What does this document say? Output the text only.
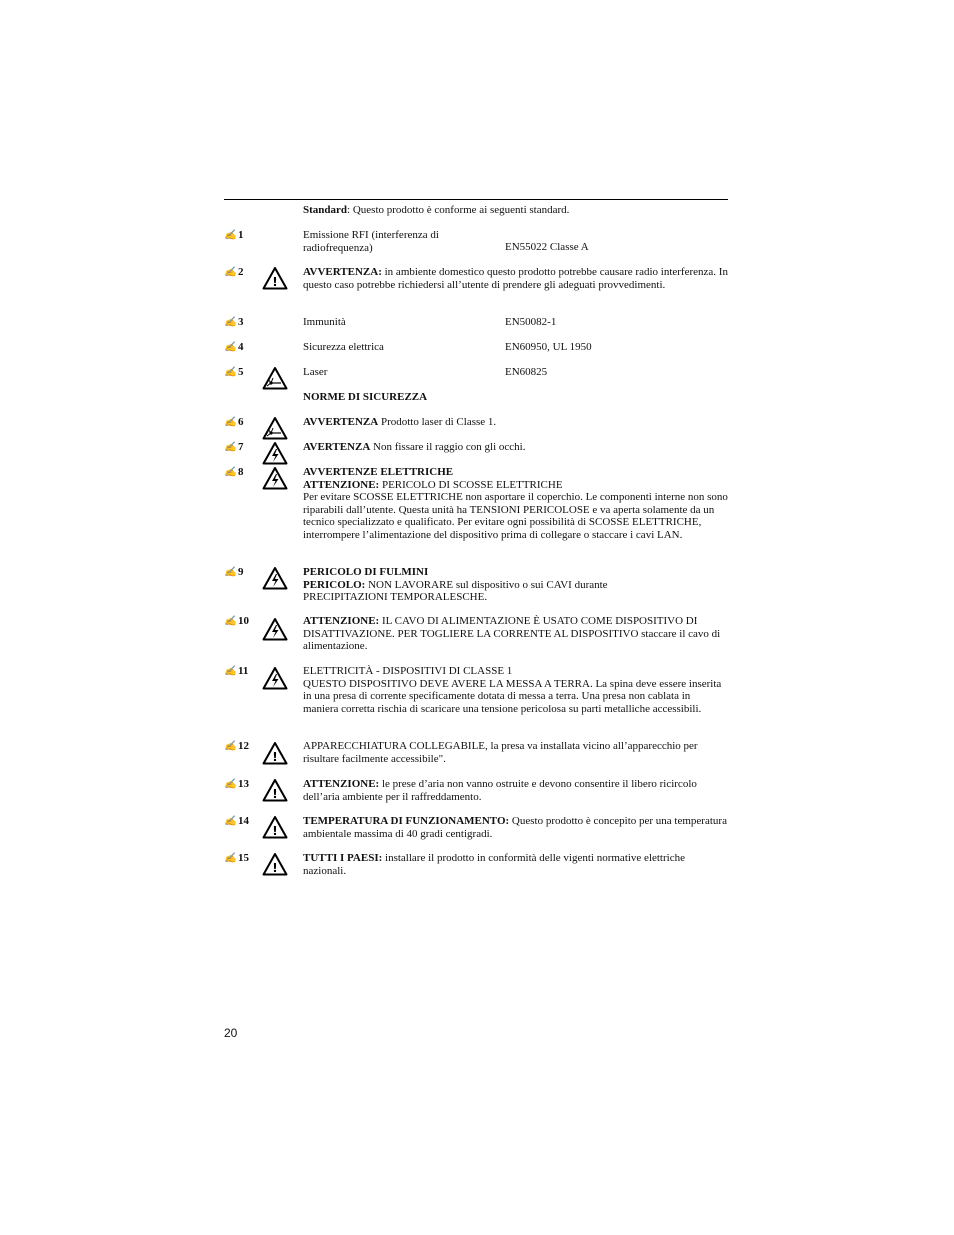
Standard: Questo prodotto è conforme ai seguenti standard.
✍ 1	Emissione RFI (interferenza di radiofrequenza)	EN55022 Classe A
✍ 2
!
AVVERTENZA: in ambiente domestico questo prodotto potrebbe causare radio interferenza. In questo caso potrebbe richiedersi all’utente di prendere gli adeguati provvedimenti.
✍ 3	Immunità	EN50082-1
✍ 4	Sicurezza elettrica	EN60950, UL 1950
✍ 5	Laser	EN60825
NORME DI SICUREZZA
✍ 6	AVVERTENZA Prodotto laser di Classe 1.
✍ 7	AVERTENZA Non fissare il raggio con gli occhi.
✍ 8	AVVERTENZE ELETTRICHE
ATTENZIONE: PERICOLO DI SCOSSE ELETTRICHE
Per evitare SCOSSE ELETTRICHE non asportare il coperchio. Le componenti interne non sono riparabili dall’utente. Questa unità ha TENSIONI PERICOLOSE e va aperta solamente da un tecnico specializzato e qualificato. Per evitare ogni possibilità di SCOSSE ELETTRICHE, interrompere l’alimentazione del dispositivo prima di collegare o staccare i cavi LAN.
✍ 9	PERICOLO DI FULMINI
PERICOLO: NON LAVORARE sul dispositivo o sui CAVI durante PRECIPITAZIONI TEMPORALESCHE.
✍ 10	ATTENZIONE: IL CAVO DI ALIMENTAZIONE È USATO COME DISPOSITIVO DI DISATTIVAZIONE. PER TOGLIERE LA CORRENTE AL DISPOSITIVO staccare il cavo di alimentazione.
✍ 11	ELETTRICITÀ - DISPOSITIVI DI CLASSE 1
QUESTO DISPOSITIVO DEVE AVERE LA MESSA A TERRA. La spina deve essere inserita in una presa di corrente specificamente dotata di messa a terra. Una presa non cablata in maniera corretta rischia di scaricare una tensione pericolosa su parti metalliche accessibili.
✍ 12
!
APPARECCHIATURA COLLEGABILE, la presa va installata vicino all’apparecchio per risultare facilmente accessibile".
✍ 13
!
ATTENZIONE: le prese d’aria non vanno ostruite e devono consentire il libero ricircolo dell’aria ambiente per il raffreddamento.
✍ 14
!
TEMPERATURA DI FUNZIONAMENTO: Questo prodotto è concepito per una temperatura ambientale massima di 40 gradi centigradi.
✍ 15
!
TUTTI I PAESI: installare il prodotto in conformità delle vigenti normative elettriche nazionali.
20
